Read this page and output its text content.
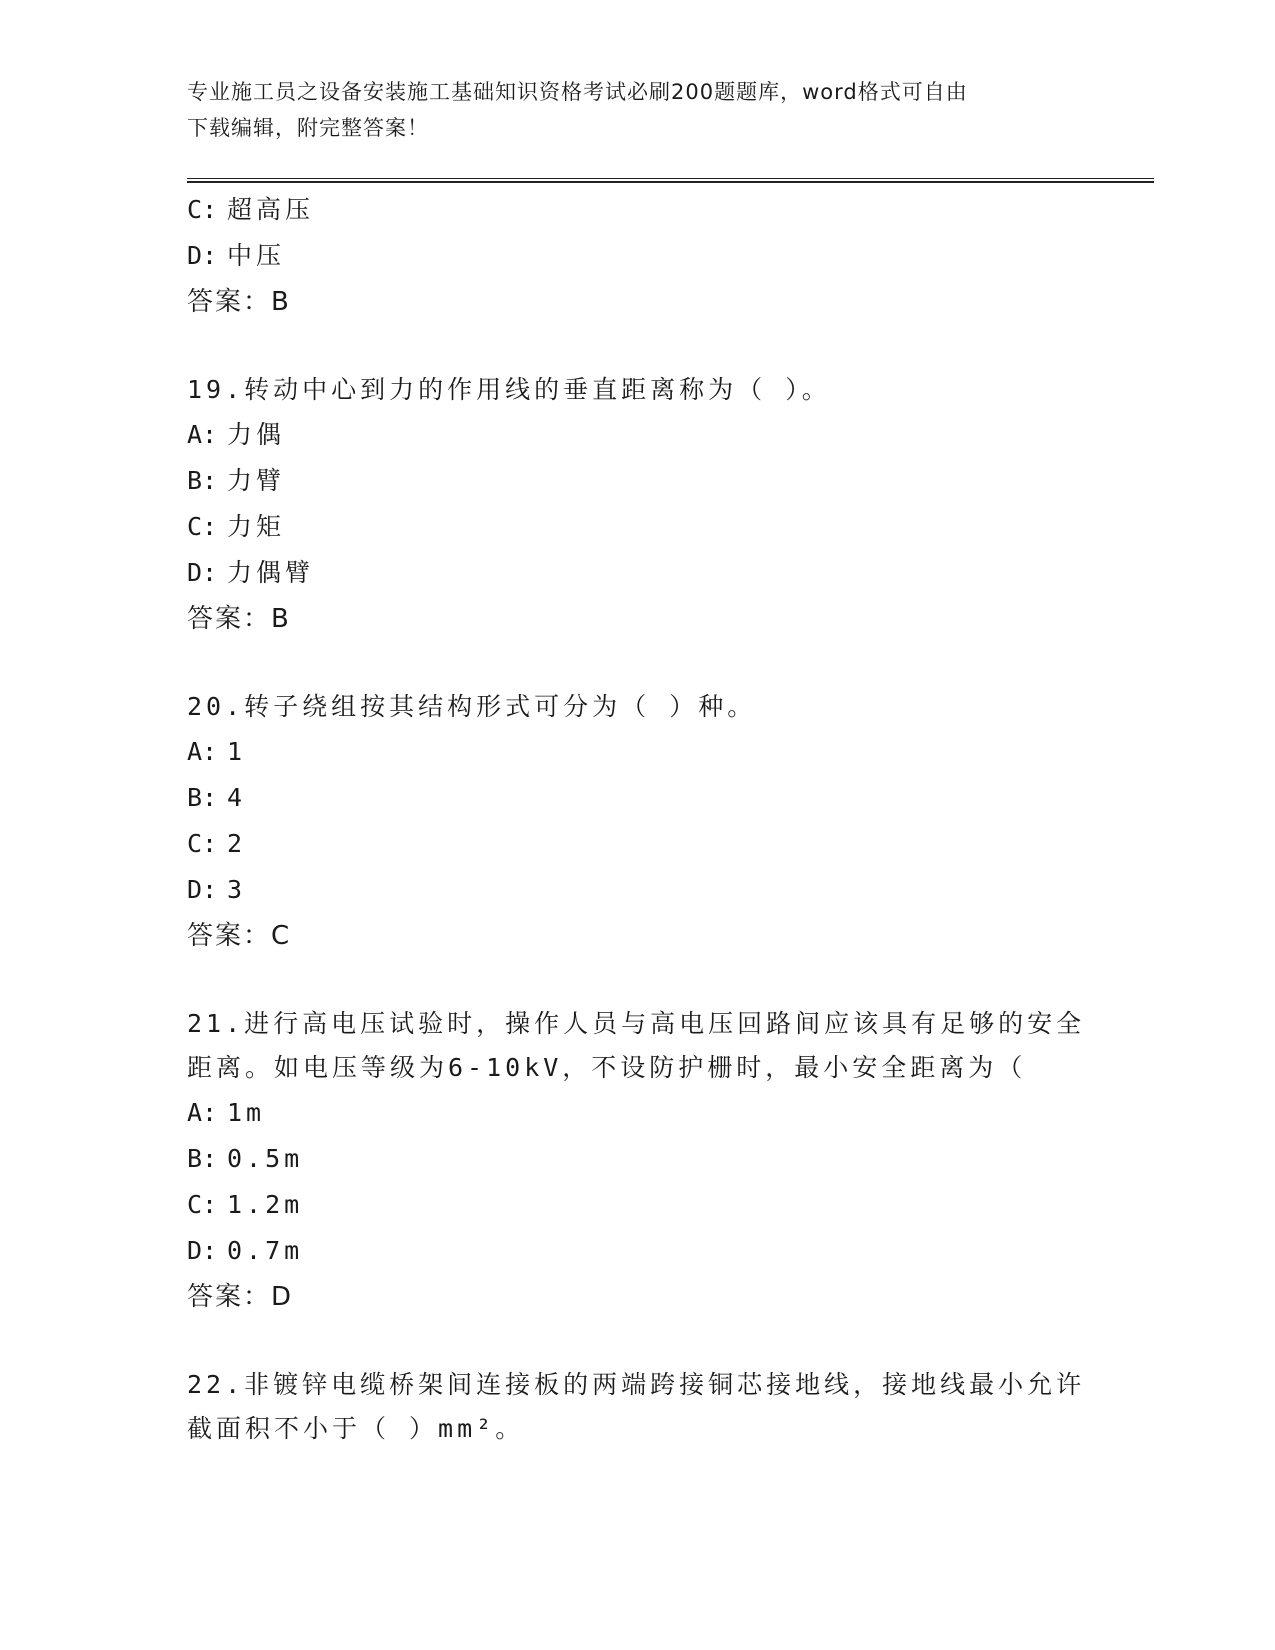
专业施工员之设备安装施工基础知识资格考试必刷200题题库，word格式可自由
下载编辑，附完整答案！
C: 超高压
D: 中压
答案：B
19.转动中心到力的作用线的垂直距离称为（ ）。
A: 力偶
B: 力臂
C: 力矩
D: 力偶臂
答案：B
20.转子绕组按其结构形式可分为（ ）种。
A: 1
B: 4
C: 2
D: 3
答案：C
21.进行高电压试验时，操作人员与高电压回路间应该具有足够的安全
距离。如电压等级为6-10kV，不设防护栅时，最小安全距离为（
A: 1m
B: 0.5m
C: 1.2m
D: 0.7m
答案：D
22.非镀锌电缆桥架间连接板的两端跨接铜芯接地线，接地线最小允许
截面积不小于（ ）mm²。
